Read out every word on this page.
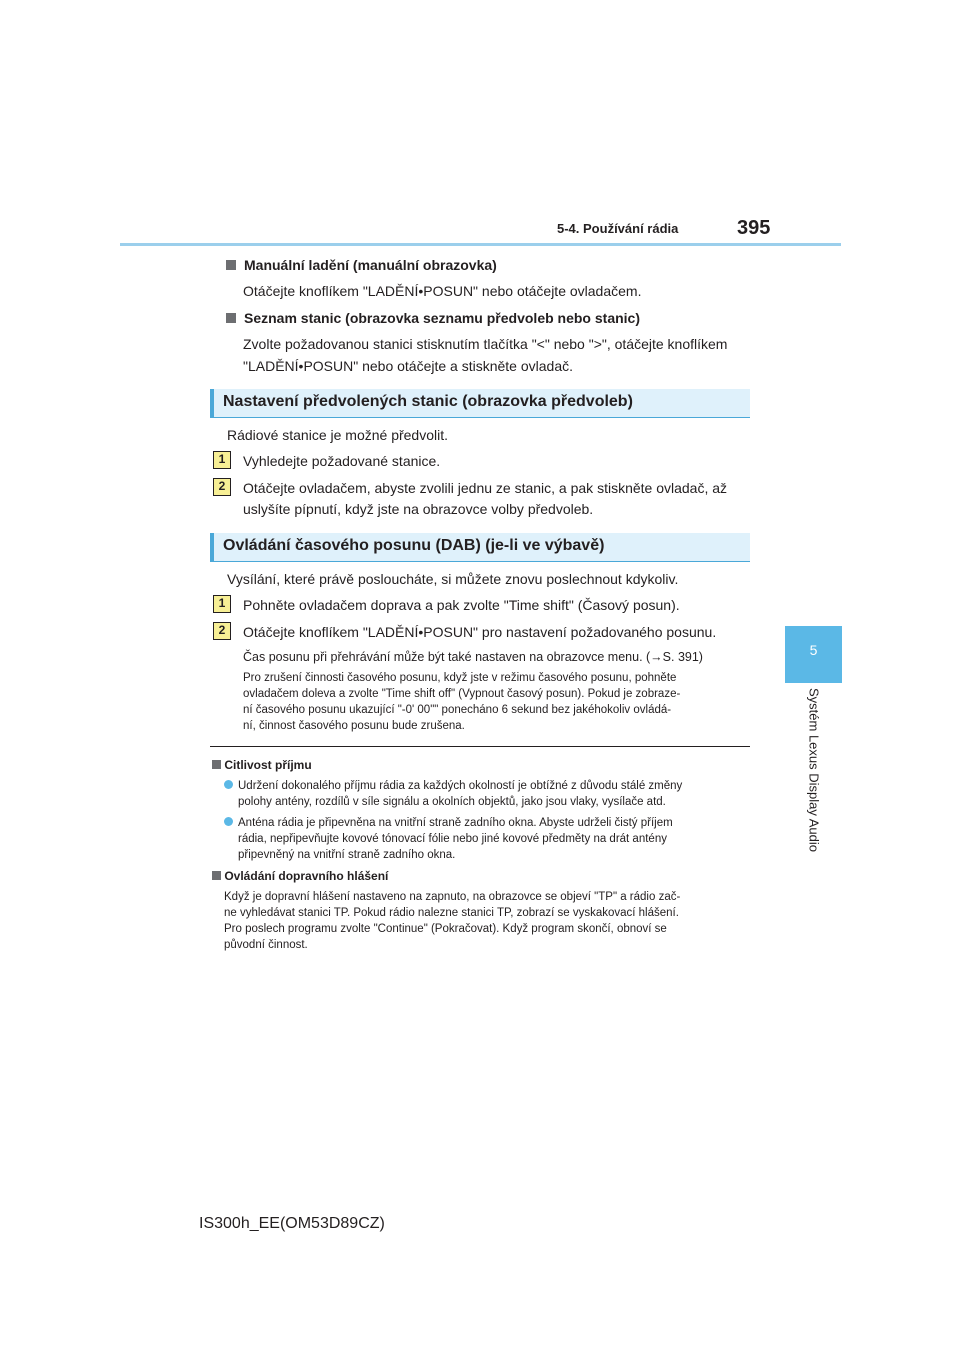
5-4. Používání rádia	395
5
Systém Lexus Display Audio
Manuální ladění (manuální obrazovka)
Otáčejte knoflíkem "LADĚNÍ•POSUN" nebo otáčejte ovladačem.
Seznam stanic (obrazovka seznamu předvoleb nebo stanic)
Zvolte požadovanou stanici stisknutím tlačítka "<" nebo ">", otáčejte knoflíkem
"LADĚNÍ•POSUN" nebo otáčejte a stiskněte ovladač.
Nastavení předvolených stanic (obrazovka předvoleb)
Rádiové stanice je možné předvolit.
1	Vyhledejte požadované stanice.
2	Otáčejte ovladačem, abyste zvolili jednu ze stanic, a pak stiskněte ovladač, až
uslyšíte pípnutí, když jste na obrazovce volby předvoleb.
Ovládání časového posunu (DAB) (je-li ve výbavě)
Vysílání, které právě posloucháte, si můžete znovu poslechnout kdykoliv.
1	Pohněte ovladačem doprava a pak zvolte "Time shift" (Časový posun).
2	Otáčejte knoflíkem "LADĚNÍ•POSUN" pro nastavení požadovaného posunu.
Čas posunu při přehrávání může být také nastaven na obrazovce menu. (→S. 391)
Pro zrušení činnosti časového posunu, když jste v režimu časového posunu, pohněte
ovladačem doleva a zvolte "Time shift off" (Vypnout časový posun). Pokud je zobraze-
ní časového posunu ukazující "-0' 00"" ponecháno 6 sekund bez jakéhokoliv ovládá-
ní, činnost časového posunu bude zrušena.
Citlivost příjmu
Udržení dokonalého příjmu rádia za každých okolností je obtížné z důvodu stálé změny
polohy antény, rozdílů v síle signálu a okolních objektů, jako jsou vlaky, vysílače atd.
Anténa rádia je připevněna na vnitřní straně zadního okna. Abyste udrželi čistý příjem
rádia, nepřipevňujte kovové tónovací fólie nebo jiné kovové předměty na drát antény
připevněný na vnitřní straně zadního okna.
Ovládání dopravního hlášení
Když je dopravní hlášení nastaveno na zapnuto, na obrazovce se objeví "TP" a rádio zač-
ne vyhledávat stanici TP. Pokud rádio nalezne stanici TP, zobrazí se vyskakovací hlášení.
Pro poslech programu zvolte "Continue" (Pokračovat). Když program skončí, obnoví se
původní činnost.
IS300h_EE(OM53D89CZ)
